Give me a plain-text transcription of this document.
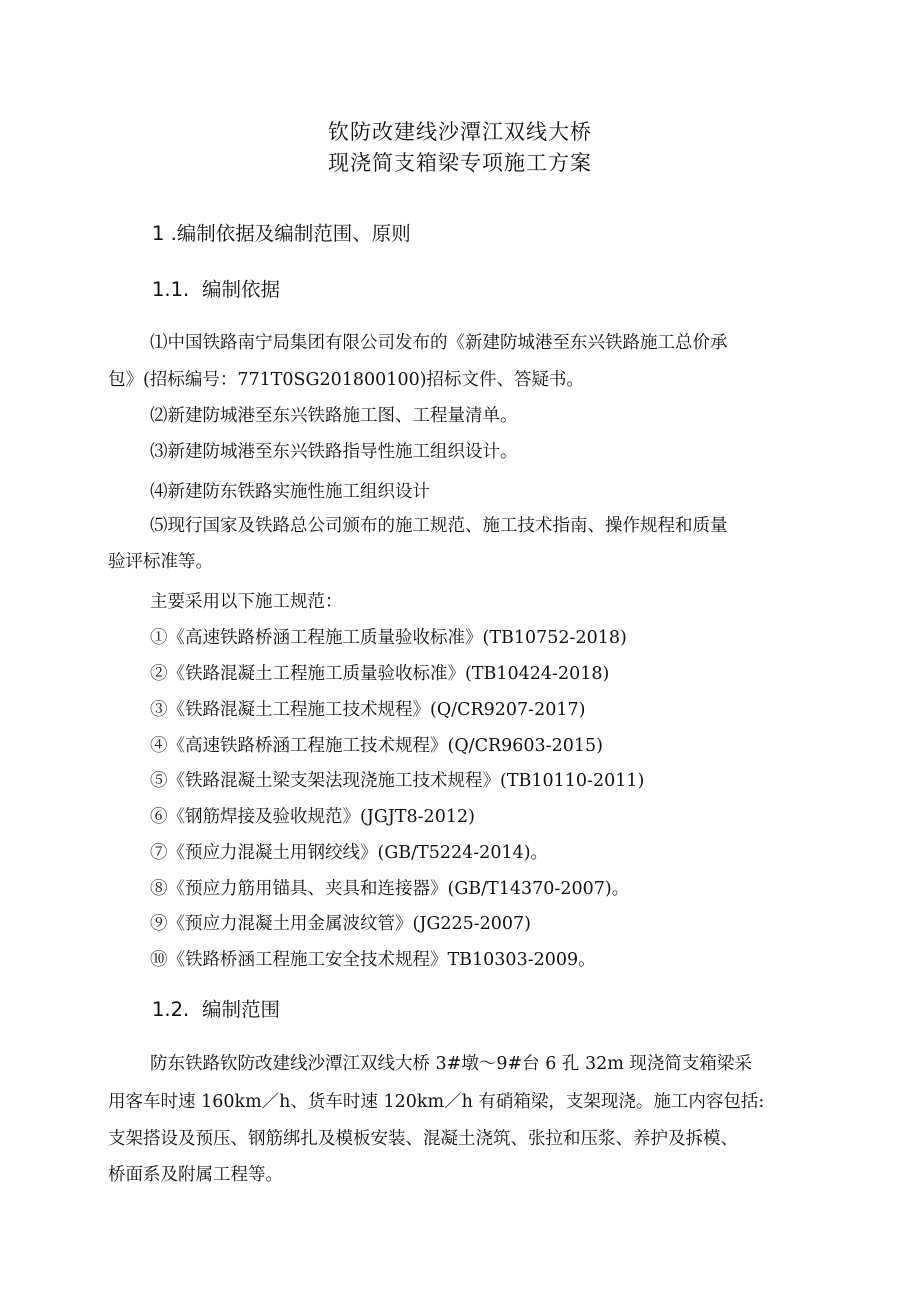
钦防改建线沙潭江双线大桥
现浇简支箱梁专项施工方案
1 .编制依据及编制范围、原则
1.1. 编制依据
⑴中国铁路南宁局集团有限公司发布的《新建防城港至东兴铁路施工总价承
包》(招标编号：771T0SG201800100)招标文件、答疑书。
⑵新建防城港至东兴铁路施工图、工程量清单。
⑶新建防城港至东兴铁路指导性施工组织设计。
⑷新建防东铁路实施性施工组织设计
⑸现行国家及铁路总公司颁布的施工规范、施工技术指南、操作规程和质量
验评标准等。
主要采用以下施工规范：
①《高速铁路桥涵工程施工质量验收标准》(TB10752-2018)
②《铁路混凝土工程施工质量验收标准》(TB10424-2018)
③《铁路混凝土工程施工技术规程》(Q/CR9207-2017)
④《高速铁路桥涵工程施工技术规程》(Q/CR9603-2015)
⑤《铁路混凝土梁支架法现浇施工技术规程》(TB10110-2011)
⑥《钢筋焊接及验收规范》(JGJT8-2012)
⑦《预应力混凝土用钢绞线》(GB/T5224-2014)。
⑧《预应力筋用锚具、夹具和连接器》(GB/T14370-2007)。
⑨《预应力混凝土用金属波纹管》(JG225-2007)
⑩《铁路桥涵工程施工安全技术规程》TB10303-2009。
1.2. 编制范围
防东铁路钦防改建线沙潭江双线大桥 3#墩～9#台 6 孔 32m 现浇简支箱梁采
用客车时速 160km／h、货车时速 120km／h 有硝箱梁，支架现浇。施工内容包括:
支架搭设及预压、钢筋绑扎及模板安装、混凝土浇筑、张拉和压浆、养护及拆模、
桥面系及附属工程等。
